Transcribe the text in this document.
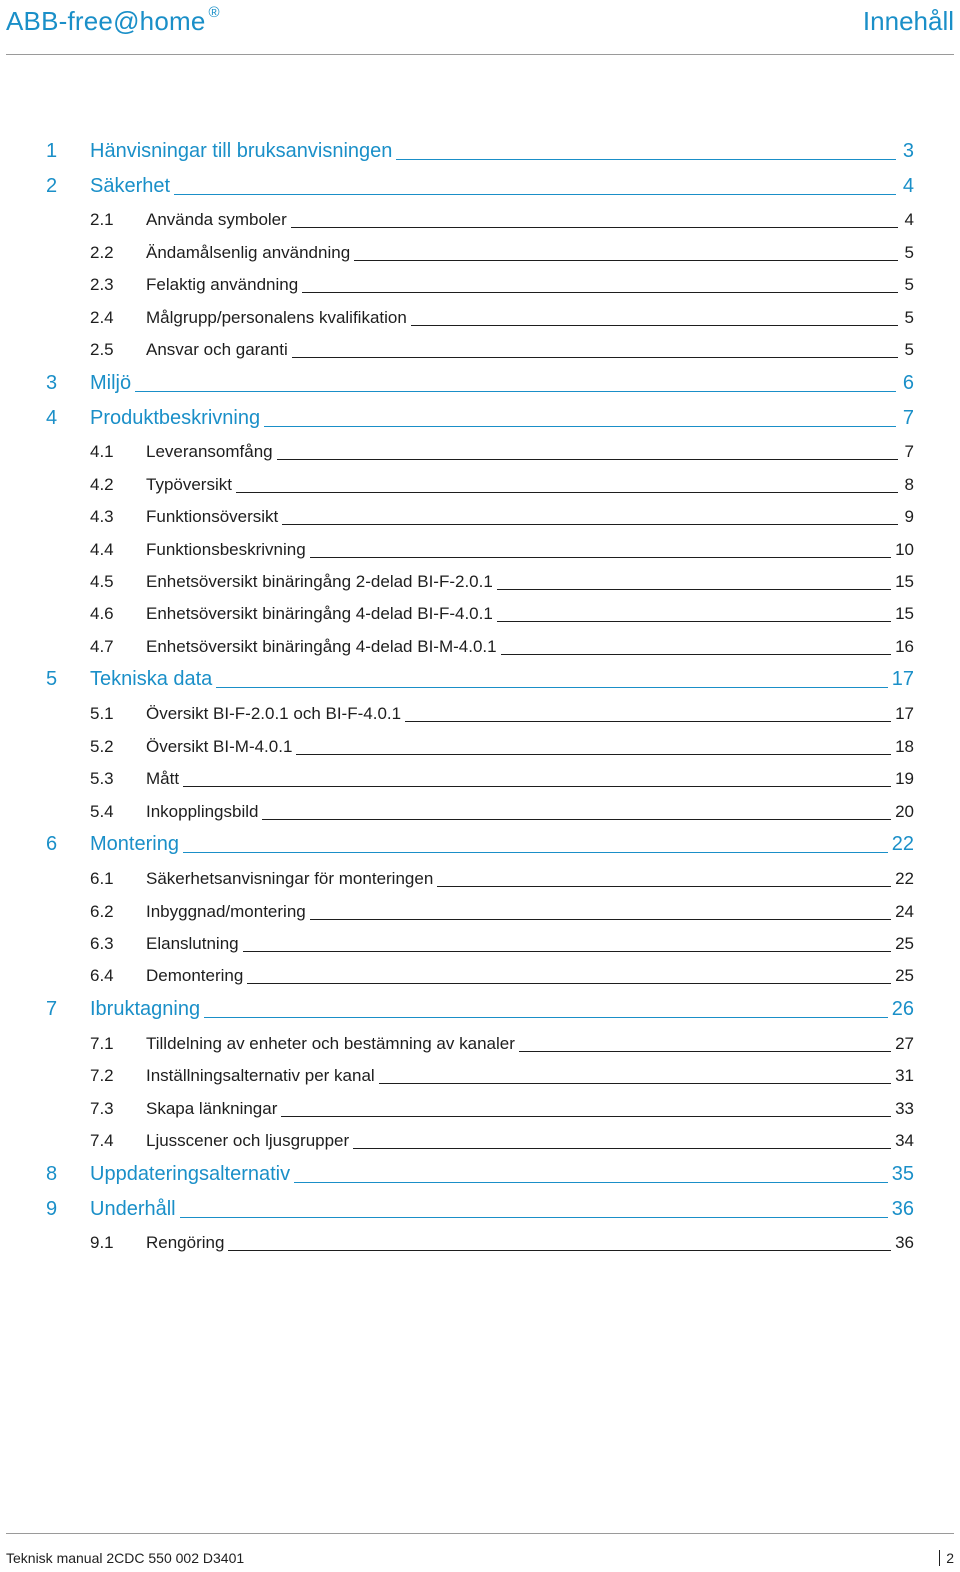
ABB-free@home ®	Innehåll
1 Hänvisningar till bruksanvisningen	3
2 Säkerhet	4
2.1 Använda symboler	4
2.2 Ändamålsenlig användning	5
2.3 Felaktig användning	5
2.4 Målgrupp/personalens kvalifikation	5
2.5 Ansvar och garanti	5
3 Miljö	6
4 Produktbeskrivning	7
4.1 Leveransomfång	7
4.2 Typöversikt	8
4.3 Funktionsöversikt	9
4.4 Funktionsbeskrivning	10
4.5 Enhetsöversikt binäringång 2-delad BI-F-2.0.1	15
4.6 Enhetsöversikt binäringång 4-delad BI-F-4.0.1	15
4.7 Enhetsöversikt binäringång 4-delad BI-M-4.0.1	16
5 Tekniska data	17
5.1 Översikt BI-F-2.0.1 och BI-F-4.0.1	17
5.2 Översikt BI-M-4.0.1	18
5.3 Mått	19
5.4 Inkopplingsbild	20
6 Montering	22
6.1 Säkerhetsanvisningar för monteringen	22
6.2 Inbyggnad/montering	24
6.3 Elanslutning	25
6.4 Demontering	25
7 Ibruktagning	26
7.1 Tilldelning av enheter och bestämning av kanaler	27
7.2 Inställningsalternativ per kanal	31
7.3 Skapa länkningar	33
7.4 Ljusscener och ljusgrupper	34
8 Uppdateringsalternativ	35
9 Underhåll	36
9.1 Rengöring	36
Teknisk manual 2CDC 550 002 D3401	2
